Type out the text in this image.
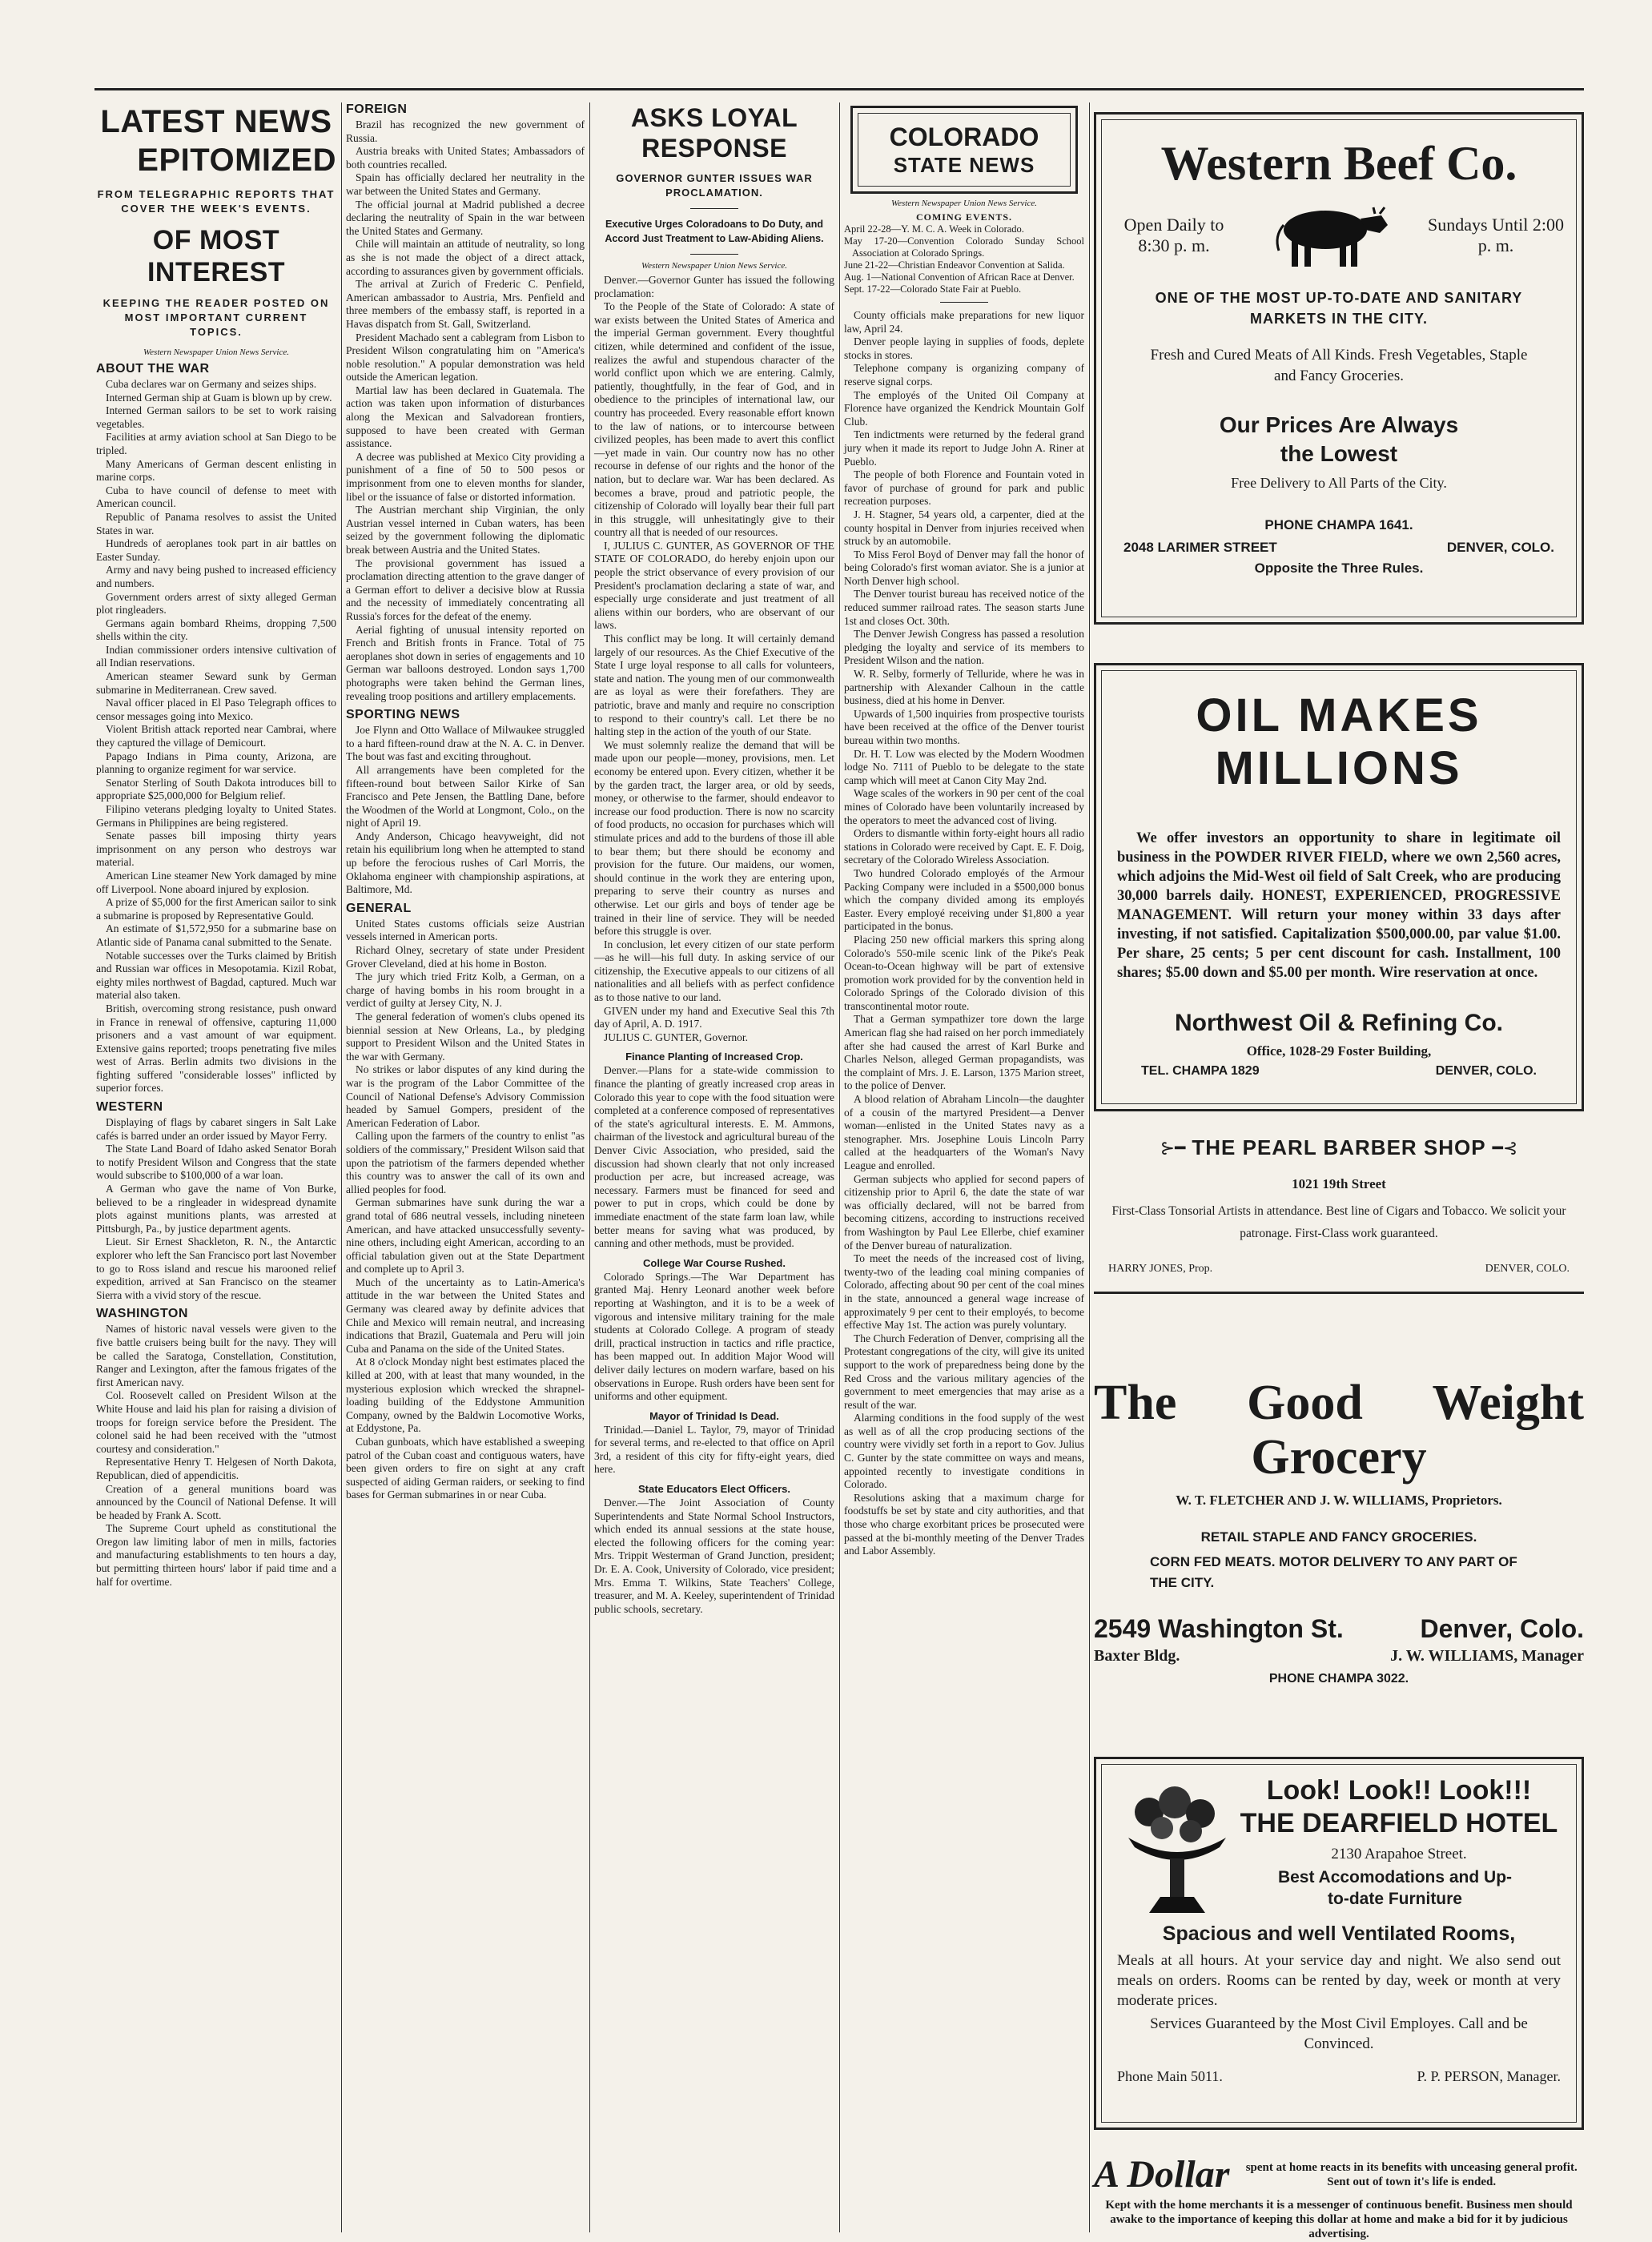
LATEST NEWS
EPITOMIZED
FROM TELEGRAPHIC REPORTS THAT COVER THE WEEK'S EVENTS.
OF MOST INTEREST
KEEPING THE READER POSTED ON MOST IMPORTANT CURRENT TOPICS.
Western Newspaper Union News Service.
ABOUT THE WAR

Cuba declares war on Germany and seizes ships.

Interned German ship at Guam is blown up by crew.

Interned German sailors to be set to work raising vegetables.

Facilities at army aviation school at San Diego to be tripled.

Many Americans of German descent enlisting in marine corps.

Cuba to have council of defense to meet with American council.

Republic of Panama resolves to assist the United States in war.

Hundreds of aeroplanes took part in air battles on Easter Sunday.

Army and navy being pushed to increased efficiency and numbers.

Government orders arrest of sixty alleged German plot ringleaders.

Germans again bombard Rheims, dropping 7,500 shells within the city.

Indian commissioner orders intensive cultivation of all Indian reservations.

American steamer Seward sunk by German submarine in Mediterranean. Crew saved.

Naval officer placed in El Paso Telegraph offices to censor messages going into Mexico.

Violent British attack reported near Cambrai, where they captured the village of Demicourt.

Papago Indians in Pima county, Arizona, are planning to organize regiment for war service.

Senator Sterling of South Dakota introduces bill to appropriate $25,000,000 for Belgium relief.

Filipino veterans pledging loyalty to United States. Germans in Philippines are being registered.

Senate passes bill imposing thirty years imprisonment on any person who destroys war material.

American Line steamer New York damaged by mine off Liverpool. None aboard injured by explosion.

A prize of $5,000 for the first American sailor to sink a submarine is proposed by Representative Gould.

An estimate of $1,572,950 for a submarine base on Atlantic side of Panama canal submitted to the Senate.

Notable successes over the Turks claimed by British and Russian war offices in Mesopotamia. Kizil Robat, eighty miles northwest of Bagdad, captured. Much war material also taken.

British, overcoming strong resistance, push onward in France in renewal of offensive, capturing 11,000 prisoners and a vast amount of war equipment. Extensive gains reported; troops penetrating five miles west of Arras. Berlin admits two divisions in the fighting suffered "considerable losses" inflicted by superior forces.

WESTERN

Displaying of flags by cabaret singers in Salt Lake cafés is barred under an order issued by Mayor Ferry.

The State Land Board of Idaho asked Senator Borah to notify President Wilson and Congress that the state would subscribe to $100,000 of a war loan.

A German who gave the name of Von Burke, believed to be a ringleader in widespread dynamite plots against munitions plants, was arrested at Pittsburgh, Pa., by justice department agents.

Lieut. Sir Ernest Shackleton, R. N., the Antarctic explorer who left the San Francisco port last November to go to Ross island and rescue his marooned relief expedition, arrived at San Francisco on the steamer Sierra with a vivid story of the rescue.

WASHINGTON

Names of historic naval vessels were given to the five battle cruisers being built for the navy. They will be called the Saratoga, Constellation, Constitution, Ranger and Lexington, after the famous frigates of the first American navy.

Col. Roosevelt called on President Wilson at the White House and laid his plan for raising a division of troops for foreign service before the President. The colonel said he had been received with the "utmost courtesy and consideration."

Representative Henry T. Helgesen of North Dakota, Republican, died of appendicitis.

Creation of a general munitions board was announced by the Council of National Defense. It will be headed by Frank A. Scott.

The Supreme Court upheld as constitutional the Oregon law limiting labor of men in mills, factories and manufacturing establishments to ten hours a day, but permitting thirteen hours' labor if paid time and a half for overtime.

FOREIGN

Brazil has recognized the new government of Russia.

Austria breaks with United States; Ambassadors of both countries recalled.

Spain has officially declared her neutrality in the war between the United States and Germany.

The official journal at Madrid published a decree declaring the neutrality of Spain in the war between the United States and Germany.

Chile will maintain an attitude of neutrality, so long as she is not made the object of a direct attack, according to assurances given by government officials.

The arrival at Zurich of Frederic C. Penfield, American ambassador to Austria, Mrs. Penfield and three members of the embassy staff, is reported in a Havas dispatch from St. Gall, Switzerland.

President Machado sent a cablegram from Lisbon to President Wilson congratulating him on "America's noble resolution." A popular demonstration was held outside the American legation.

Martial law has been declared in Guatemala. The action was taken upon information of disturbances along the Mexican and Salvadorean frontiers, supposed to have been created with German assistance.

A decree was published at Mexico City providing a punishment of a fine of 50 to 500 pesos or imprisonment from one to eleven months for slander, libel or the issuance of false or distorted information.

The Austrian merchant ship Virginian, the only Austrian vessel interned in Cuban waters, has been seized by the government following the diplomatic break between Austria and the United States.

The provisional government has issued a proclamation directing attention to the grave danger of a German effort to deliver a decisive blow at Russia and the necessity of immediately concentrating all Russia's forces for the defeat of the enemy.

Aerial fighting of unusual intensity reported on French and British fronts in France. Total of 75 aeroplanes shot down in series of engagements and 10 German war balloons destroyed. London says 1,700 photographs were taken behind the German lines, revealing troop positions and artillery emplacements.

SPORTING NEWS

Joe Flynn and Otto Wallace of Milwaukee struggled to a hard fifteen-round draw at the N. A. C. in Denver. The bout was fast and exciting throughout.

All arrangements have been completed for the fifteen-round bout between Sailor Kirke of San Francisco and Pete Jensen, the Battling Dane, before the Woodmen of the World at Longmont, Colo., on the night of April 19.

Andy Anderson, Chicago heavyweight, did not retain his equilibrium long when he attempted to stand up before the ferocious rushes of Carl Morris, the Oklahoma engineer with championship aspirations, at Baltimore, Md.

GENERAL

United States customs officials seize Austrian vessels interned in American ports.

Richard Olney, secretary of state under President Grover Cleveland, died at his home in Boston.

The jury which tried Fritz Kolb, a German, on a charge of having bombs in his room brought in a verdict of guilty at Jersey City, N. J.

The general federation of women's clubs opened its biennial session at New Orleans, La., by pledging support to President Wilson and the United States in the war with Germany.

No strikes or labor disputes of any kind during the war is the program of the Labor Committee of the Council of National Defense's Advisory Commission headed by Samuel Gompers, president of the American Federation of Labor.

Calling upon the farmers of the country to enlist "as soldiers of the commissary," President Wilson said that upon the patriotism of the farmers depended whether this country was to answer the call of its own and allied peoples for food.

German submarines have sunk during the war a grand total of 686 neutral vessels, including nineteen American, and have attacked unsuccessfully seventy-nine others, including eight American, according to an official tabulation given out at the State Department and complete up to April 3.

Much of the uncertainty as to Latin-America's attitude in the war between the United States and Germany was cleared away by definite advices that Chile and Mexico will remain neutral, and increasing indications that Brazil, Guatemala and Peru will join Cuba and Panama on the side of the United States.

At 8 o'clock Monday night best estimates placed the killed at 200, with at least that many wounded, in the mysterious explosion which wrecked the shrapnel-loading building of the Eddystone Ammunition Company, owned by the Baldwin Locomotive Works, at Eddystone, Pa.

Cuban gunboats, which have established a sweeping patrol of the Cuban coast and contiguous waters, have been given orders to fire on sight at any craft suspected of aiding German raiders, or seeking to find bases for German submarines in or near Cuba.

ASKS LOYAL RESPONSE
GOVERNOR GUNTER ISSUES WAR PROCLAMATION.
Executive Urges Coloradoans to Do Duty, and Accord Just Treatment to Law-Abiding Aliens.
Western Newspaper Union News Service.

Denver.—Governor Gunter has issued the following proclamation:

To the People of the State of Colorado: A state of war exists between the United States of America and the imperial German government. Every thoughtful citizen, while determined and confident of the issue, realizes the awful and stupendous character of the world conflict upon which we are entering. Calmly, patiently, thoughtfully, in the fear of God, and in obedience to the principles of international law, our country has proceeded. Every reasonable effort known to the law of nations, or to intercourse between civilized peoples, has been made to avert this conflict—yet made in vain. Our country now has no other recourse in defense of our rights and the honor of the nation, but to declare war. War has been declared. As becomes a brave, proud and patriotic people, the citizenship of Colorado will loyally bear their full part in this struggle, will unhesitatingly give to their country all that is needed of our resources.

I, JULIUS C. GUNTER, AS GOVERNOR OF THE STATE OF COLORADO, do hereby enjoin upon our people the strict observance of every provision of our President's proclamation declaring a state of war, and especially urge considerate and just treatment of all aliens within our borders, who are observant of our laws.

This conflict may be long. It will certainly demand largely of our resources. As the Chief Executive of the State I urge loyal response to all calls for volunteers, state and nation. The young men of our commonwealth are as loyal as were their forefathers. They are patriotic, brave and manly and require no conscription to respond to their country's call. Let there be no halting step in the action of the youth of our State.

We must solemnly realize the demand that will be made upon our people—money, provisions, men. Let economy be entered upon. Every citizen, whether it be by the garden tract, the larger area, or old by seeds, money, or otherwise to the farmer, should endeavor to increase our food production. There is now no scarcity of food products, no occasion for purchases which will stimulate prices and add to the burdens of those ill able to bear them; but there should be economy and provision for the future. Our maidens, our women, should continue in the work they are entering upon, preparing to serve their country as nurses and otherwise. Let our girls and boys of tender age be trained in their line of service. They will be needed before this struggle is over.

In conclusion, let every citizen of our state perform—as he will—his full duty. In asking service of our citizenship, the Executive appeals to our citizens of all nationalities and all beliefs with as perfect confidence as to those native to our land.

GIVEN under my hand and Executive Seal this 7th day of April, A. D. 1917.

JULIUS C. GUNTER, Governor.

Finance Planting of Increased Crop.

Denver.—Plans for a state-wide commission to finance the planting of greatly increased crop areas in Colorado this year to cope with the food situation were completed at a conference composed of representatives of the state's agricultural interests. E. M. Ammons, chairman of the livestock and agricultural bureau of the Denver Civic Association, who presided, said the discussion had shown clearly that not only increased production per acre, but increased acreage, was necessary. Farmers must be financed for seed and power to put in crops, which could be done by immediate enactment of the state farm loan law, while better means for saving what was produced, by canning and other methods, must be provided.

College War Course Rushed.

Colorado Springs.—The War Department has granted Maj. Henry Leonard another week before reporting at Washington, and it is to be a week of vigorous and intensive military training for the male students at Colorado College. A program of steady drill, practical instruction in tactics and rifle practice, has been mapped out. In addition Major Wood will deliver daily lectures on modern warfare, based on his observations in Europe. Rush orders have been sent for uniforms and other equipment.

Mayor of Trinidad Is Dead.

Trinidad.—Daniel L. Taylor, 79, mayor of Trinidad for several terms, and re-elected to that office on April 3rd, a resident of this city for fifty-eight years, died here.

State Educators Elect Officers.

Denver.—The Joint Association of County Superintendents and State Normal School Instructors, which ended its annual sessions at the state house, elected the following officers for the coming year: Mrs. Trippit Westerman of Grand Junction, president; Dr. E. A. Cook, University of Colorado, vice president; Mrs. Emma T. Wilkins, State Teachers' College, treasurer, and M. A. Keeley, superintendent of Trinidad public schools, secretary.

COLORADO
STATE NEWS
Western Newspaper Union News Service.
COMING EVENTS.

April 22-28—Y. M. C. A. Week in Colorado.

May 17-20—Convention Colorado Sunday School Association at Colorado Springs.

June 21-22—Christian Endeavor Convention at Salida.

Aug. 1—National Convention of African Race at Denver.

Sept. 17-22—Colorado State Fair at Pueblo.

County officials make preparations for new liquor law, April 24.

Denver people laying in supplies of foods, deplete stocks in stores.

Telephone company is organizing company of reserve signal corps.

The employés of the United Oil Company at Florence have organized the Kendrick Mountain Golf Club.

Ten indictments were returned by the federal grand jury when it made its report to Judge John A. Riner at Pueblo.

The people of both Florence and Fountain voted in favor of purchase of ground for park and public recreation purposes.

J. H. Stagner, 54 years old, a carpenter, died at the county hospital in Denver from injuries received when struck by an automobile.

To Miss Ferol Boyd of Denver may fall the honor of being Colorado's first woman aviator. She is a junior at North Denver high school.

The Denver tourist bureau has received notice of the reduced summer railroad rates. The season starts June 1st and closes Oct. 30th.

The Denver Jewish Congress has passed a resolution pledging the loyalty and service of its members to President Wilson and the nation.

W. R. Selby, formerly of Telluride, where he was in partnership with Alexander Calhoun in the cattle business, died at his home in Denver.

Upwards of 1,500 inquiries from prospective tourists have been received at the office of the Denver tourist bureau within two months.

Dr. H. T. Low was elected by the Modern Woodmen lodge No. 7111 of Pueblo to be delegate to the state camp which will meet at Canon City May 2nd.

Wage scales of the workers in 90 per cent of the coal mines of Colorado have been voluntarily increased by the operators to meet the advanced cost of living.

Orders to dismantle within forty-eight hours all radio stations in Colorado were received by Capt. E. F. Doig, secretary of the Colorado Wireless Association.

Two hundred Colorado employés of the Armour Packing Company were included in a $500,000 bonus which the company divided among its employés Easter. Every employé receiving under $1,800 a year participated in the bonus.

Placing 250 new official markers this spring along Colorado's 550-mile scenic link of the Pike's Peak Ocean-to-Ocean highway will be part of extensive promotion work provided for by the convention held in Colorado Springs of the Colorado division of this transcontinental motor route.

That a German sympathizer tore down the large American flag she had raised on her porch immediately after she had caused the arrest of Karl Burke and Charles Nelson, alleged German propagandists, was the complaint of Mrs. J. E. Larson, 1375 Marion street, to the police of Denver.

A blood relation of Abraham Lincoln—the daughter of a cousin of the martyred President—a Denver woman—enlisted in the United States navy as a stenographer. Mrs. Josephine Louis Lincoln Parry called at the headquarters of the Woman's Navy League and enrolled.

German subjects who applied for second papers of citizenship prior to April 6, the date the state of war was officially declared, will not be barred from becoming citizens, according to instructions received from Washington by Paul Lee Ellerbe, chief examiner of the Denver bureau of naturalization.

To meet the needs of the increased cost of living, twenty-two of the leading coal mining companies of Colorado, affecting about 90 per cent of the coal mines in the state, announced a general wage increase of approximately 9 per cent to their employés, to become effective May 1st. The action was purely voluntary.

The Church Federation of Denver, comprising all the Protestant congregations of the city, will give its united support to the work of preparedness being done by the Red Cross and the various military agencies of the government to meet emergencies that may arise as a result of the war.

Alarming conditions in the food supply of the west as well as of all the crop producing sections of the country were vividly set forth in a report to Gov. Julius C. Gunter by the state committee on ways and means, appointed recently to investigate conditions in Colorado.

Resolutions asking that a maximum charge for foodstuffs be set by state and city authorities, and that those who charge exorbitant prices be prosecuted were passed at the bi-monthly meeting of the Denver Trades and Labor Assembly.

Western Beef Co.
Open Daily to 8:30 p. m.
Sundays Until 2:00 p. m.
ONE OF THE MOST UP-TO-DATE AND SANITARY MARKETS IN THE CITY.
Fresh and Cured Meats of All Kinds. Fresh Vegetables, Staple and Fancy Groceries.
Our Prices Are Always the Lowest
Free Delivery to All Parts of the City.
PHONE CHAMPA 1641.
2048 LARIMER STREET	DENVER, COLO.
Opposite the Three Rules.
OIL MAKES
MILLIONS
We offer investors an opportunity to share in legitimate oil business in the POWDER RIVER FIELD, where we own 2,560 acres, which adjoins the Mid-West oil field of Salt Creek, who are producing 30,000 barrels daily. HONEST, EXPERIENCED, PROGRESSIVE MANAGEMENT. Will return your money within 33 days after investing, if not satisfied. Capitalization $500,000.00, par value $1.00. Per share, 25 cents; 5 per cent discount for cash. Installment, 100 shares; $5.00 down and $5.00 per month. Wire reservation at once.
Northwest Oil & Refining Co.
Office, 1028-29 Foster Building,
TEL. CHAMPA 1829	DENVER, COLO.
⊱━ THE PEARL BARBER SHOP ━⊰
1021 19th Street
First-Class Tonsorial Artists in attendance. Best line of Cigars and Tobacco. We solicit your patronage. First-Class work guaranteed.
HARRY JONES, Prop.	DENVER, COLO.
The Good Weight
Grocery
W. T. FLETCHER AND J. W. WILLIAMS, Proprietors.
RETAIL STAPLE AND FANCY GROCERIES.
CORN FED MEATS. MOTOR DELIVERY TO ANY PART OF THE CITY.
2549 Washington St.	Denver, Colo.
Baxter Bldg.	J. W. WILLIAMS, Manager
PHONE CHAMPA 3022.
Look! Look!! Look!!!
THE DEARFIELD HOTEL
2130 Arapahoe Street.
Best Accomodations and Up-to-date Furniture
Spacious and well Ventilated Rooms,
Meals at all hours. At your service day and night. We also send out meals on orders. Rooms can be rented by day, week or month at very moderate prices.
Services Guaranteed by the Most Civil Employes. Call and be Convinced.
Phone Main 5011.	P. P. PERSON, Manager.
A Dollar	spent at home reacts in its benefits with unceasing general profit. Sent out of town it's life is ended.
Kept with the home merchants it is a messenger of continuous benefit. Business men should awake to the importance of keeping this dollar at home and make a bid for it by judicious advertising.
